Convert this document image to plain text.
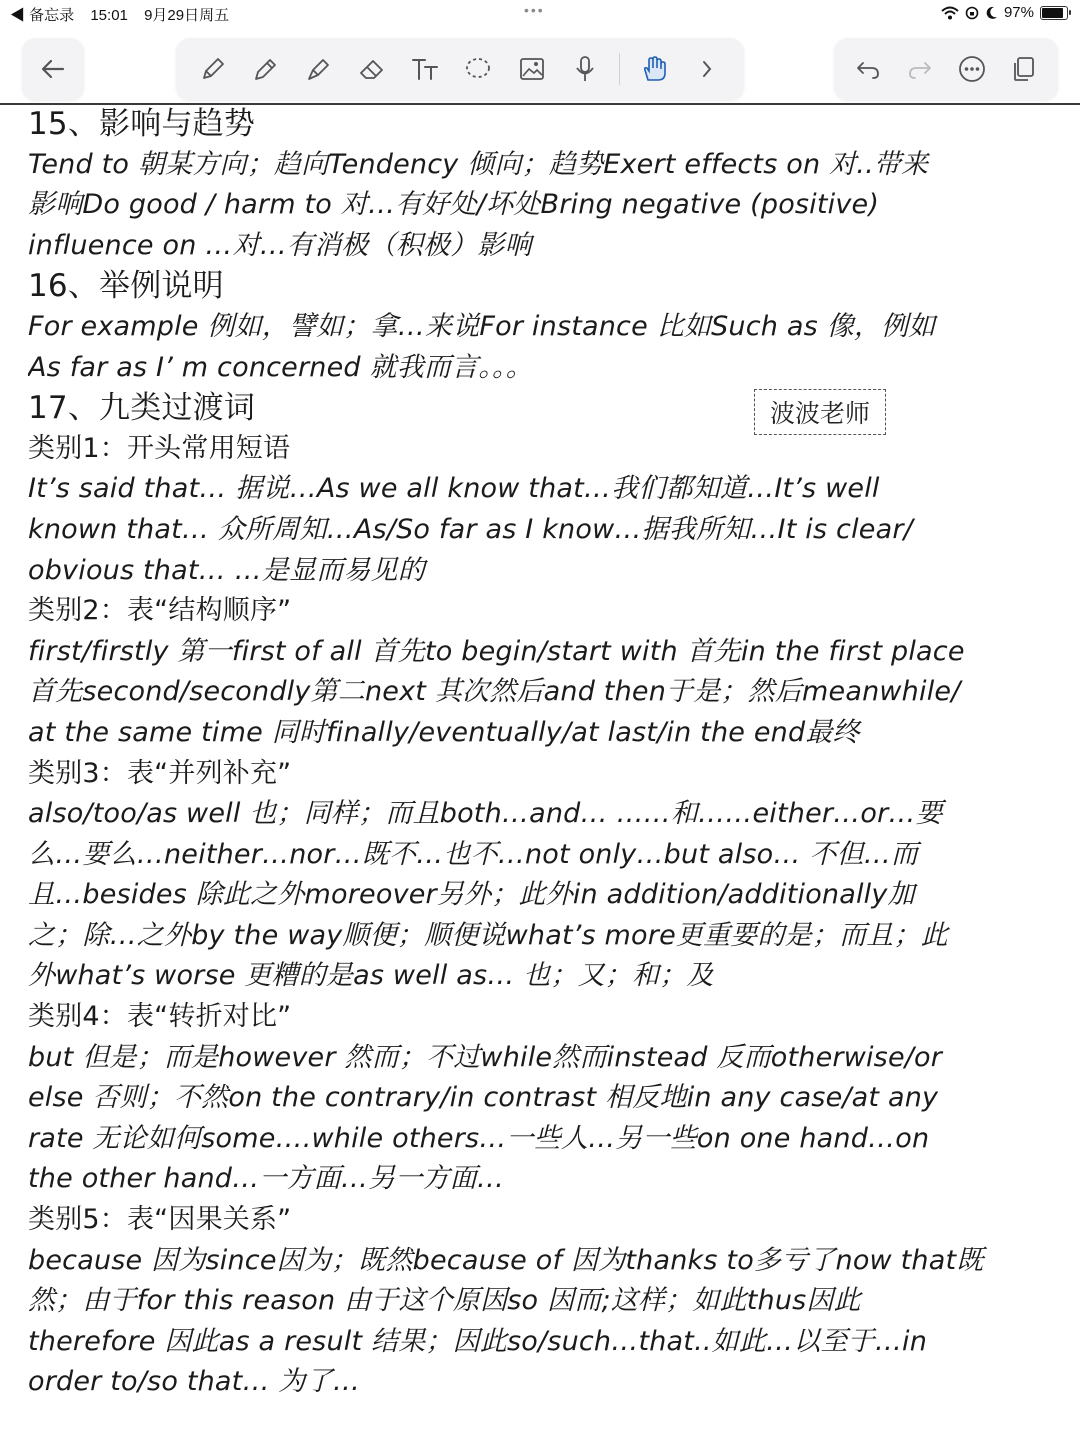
◀ 备忘录 15:01 9月29日周五	•••	97%
15、影响与趋势
Tend to 朝某方向；趋向Tendency 倾向；趋势Exert effects on 对..带来
影响Do good / harm to 对…有好处/坏处Bring negative (positive)
influence on …对…有消极（积极）影响
16、举例说明
For example 例如，譬如；拿…来说For instance 比如Such as 像，例如
As far as I’ m concerned 就我而言。。。
17、九类过渡词
类别1：开头常用短语
It’s said that… 据说…As we all know that…我们都知道…It’s well
known that… 众所周知…As/So far as I know…据我所知…It is clear/
obvious that… …是显而易见的
类别2：表“结构顺序”
first/firstly 第一first of all 首先to begin/start with 首先in the first place
首先second/secondly第二next 其次然后and then于是；然后meanwhile/
at the same time 同时finally/eventually/at last/in the end最终
类别3：表“并列补充”
also/too/as well 也；同样；而且both…and… ……和……either…or…要
么…要么…neither…nor…既不…也不…not only…but also… 不但…而
且…besides 除此之外moreover另外；此外in addition/additionally加
之；除…之外by the way顺便；顺便说what’s more更重要的是；而且；此
外what’s worse 更糟的是as well as… 也；又；和；及
类别4：表“转折对比”
but 但是；而是however 然而；不过while然而instead 反而otherwise/or
else 否则；不然on the contrary/in contrast 相反地in any case/at any
rate 无论如何some….while others…一些人…另一些on one hand…on
the other hand…一方面…另一方面…
类别5：表“因果关系”
because 因为since因为；既然because of 因为thanks to多亏了now that既
然；由于for this reason 由于这个原因so 因而;这样；如此thus因此
therefore 因此as a result 结果；因此so/such…that..如此…以至于…in
order to/so that… 为了…
波波老师
